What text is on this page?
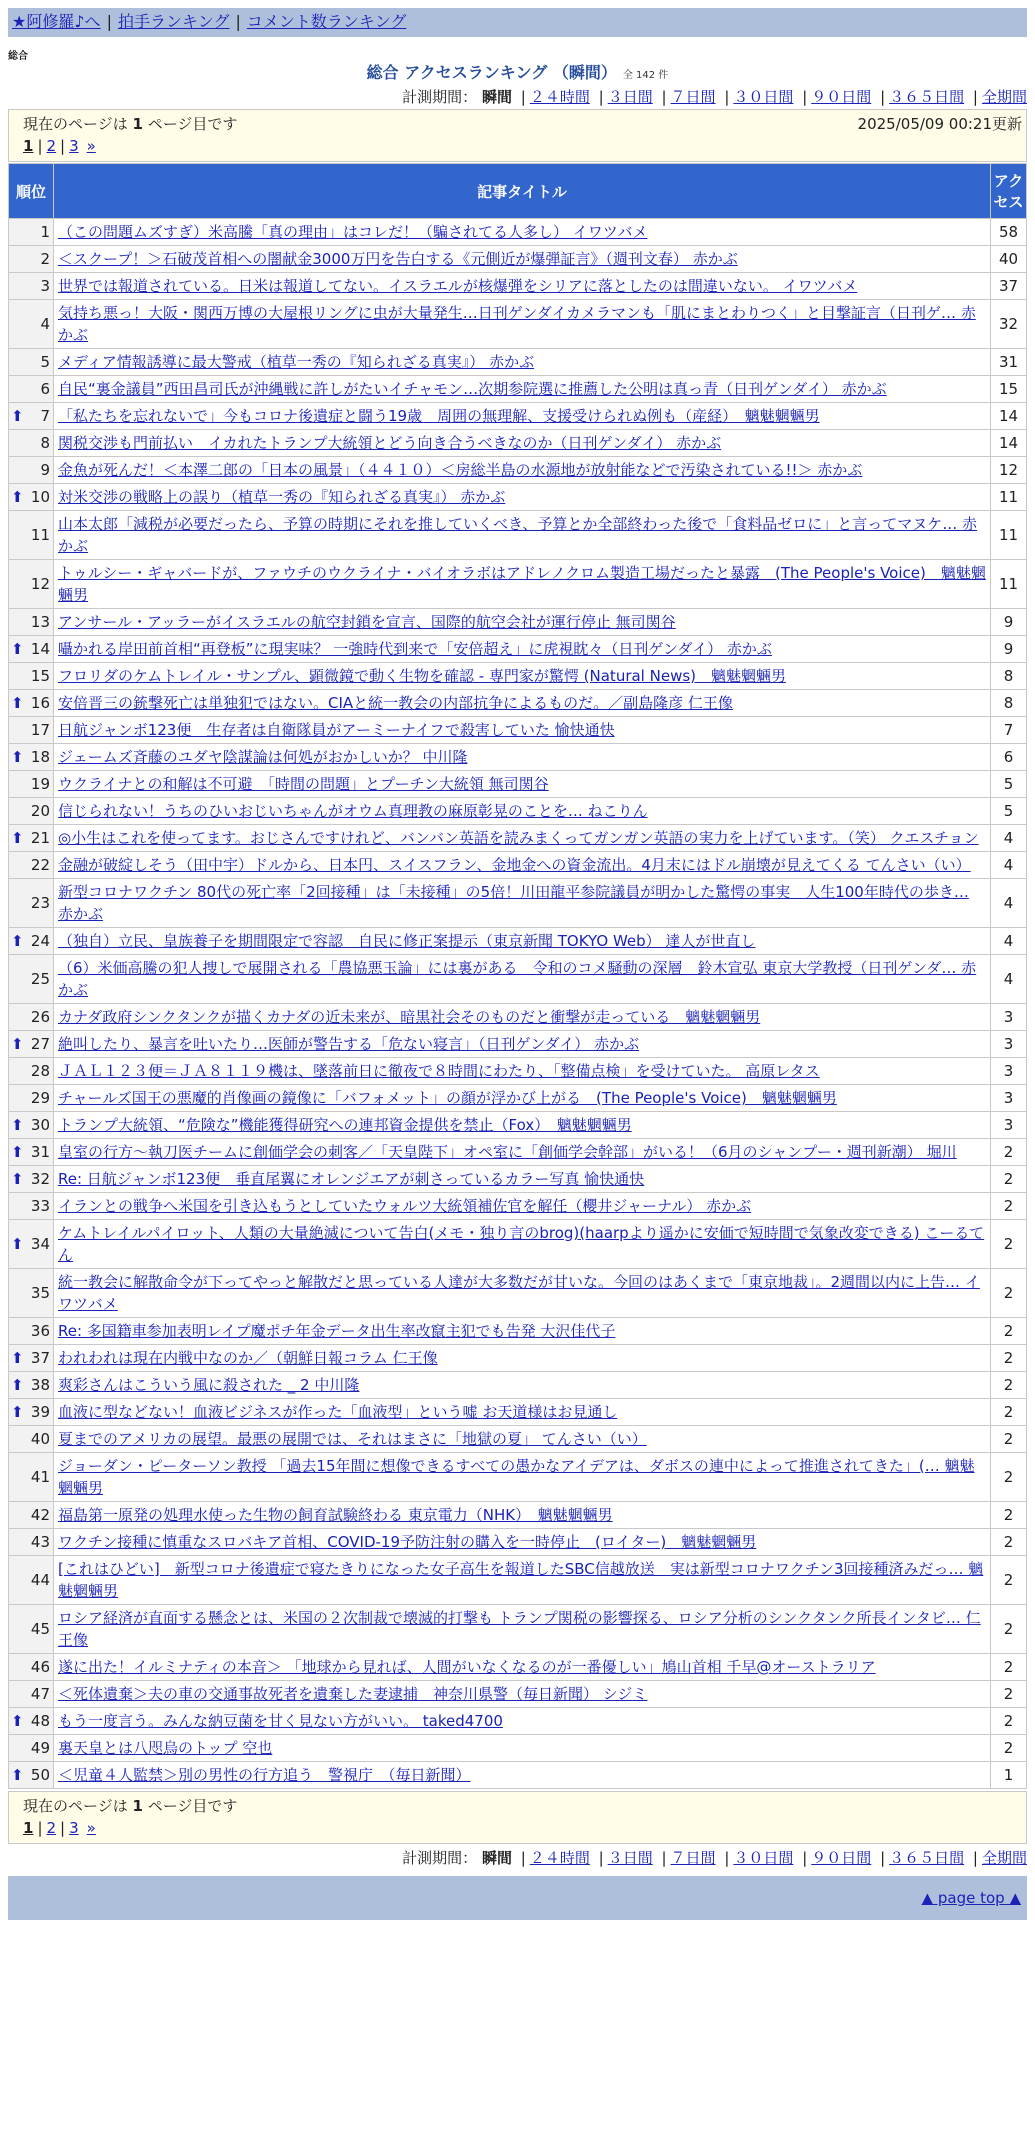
★阿修羅♪へ | 拍手ランキング | コメント数ランキング
総合
総合 アクセスランキング （瞬間） 全 142 件
計測期間： 瞬間 | ２４時間 | ３日間 | ７日間 | ３０日間 | ９０日間 | ３６５日間 | 全期間
現在のページは 1 ページ目です	2025/05/09 00:21更新
1 | 2 | 3 »
順位	記事タイトル	アクセス
1	（この問題ムズすぎ）米高騰「真の理由」はコレだ！（騙されてる人多し） イワツバメ	58
2	＜スクープ！＞石破茂首相への闇献金3000万円を告白する《元側近が爆弾証言》（週刊文春） 赤かぶ	40
3	世界では報道されている。日米は報道してない。イスラエルが核爆弾をシリアに落としたのは間違いない。 イワツバメ	37
4	気持ち悪っ！大阪・関西万博の大屋根リングに虫が大量発生…日刊ゲンダイカメラマンも「肌にまとわりつく」と目撃証言（日刊ゲ… 赤かぶ	32
5	メディア情報誘導に最大警戒（植草一秀の『知られざる真実』） 赤かぶ	31
6	自民“裏金議員”西田昌司氏が沖縄戦に許しがたいイチャモン…次期参院選に推薦した公明は真っ青（日刊ゲンダイ） 赤かぶ	15

⬆ 7	「私たちを忘れないで」今もコロナ後遺症と闘う19歳　周囲の無理解、支援受けられぬ例も（産経）　魑魅魍魎男	14
8	関税交渉も門前払い　イカれたトランプ大統領とどう向き合うべきなのか（日刊ゲンダイ） 赤かぶ	14
9	金魚が死んだ！＜本澤二郎の「日本の風景」（４４１０）＜房総半島の水源地が放射能などで汚染されている!!＞ 赤かぶ	12

⬆ 10	対米交渉の戦略上の誤り（植草一秀の『知られざる真実』） 赤かぶ	11
11	山本太郎「減税が必要だったら、予算の時期にそれを推していくべき、予算とか全部終わった後で「食料品ゼロに」と言ってマヌケ… 赤かぶ	11
12	トゥルシー・ギャバードが、ファウチのウクライナ・バイオラボはアドレノクロム製造工場だったと暴露　(The People's Voice)　魑魅魍魎男	11
13	アンサール・アッラーがイスラエルの航空封鎖を宣言、国際的航空会社が運行停止 無司関谷	9

⬆ 14	囁かれる岸田前首相“再登板”に現実味？ 一強時代到来で「安倍超え」に虎視眈々（日刊ゲンダイ） 赤かぶ	9
15	フロリダのケムトレイル・サンプル、顕微鏡で動く生物を確認 - 専門家が驚愕 (Natural News)　魑魅魍魎男	8

⬆ 16	安倍晋三の銃撃死亡は単独犯ではない。CIAと統一教会の内部抗争によるものだ。／副島隆彦 仁王像	8
17	日航ジャンボ123便　生存者は自衛隊員がアーミーナイフで殺害していた 愉快通快	7

⬆ 18	ジェームズ斉藤のユダヤ陰謀論は何処がおかしいか？ 中川隆	6
19	ウクライナとの和解は不可避　「時間の問題」とプーチン大統領 無司関谷	5
20	信じられない！うちのひいおじいちゃんがオウム真理教の麻原彰晃のことを… ねこりん	5

⬆ 21	◎小生はこれを使ってます。おじさんですけれど、バンバン英語を読みまくってガンガン英語の実力を上げています。（笑） クエスチョン	4
22	金融が破綻しそう（田中宇）ドルから、日本円、スイスフラン、金地金への資金流出。4月末にはドル崩壊が見えてくる てんさい（い）	4
23	新型コロナワクチン 80代の死亡率「2回接種」は「未接種」の5倍！川田龍平参院議員が明かした驚愕の事実　人生100年時代の歩き… 赤かぶ	4

⬆ 24	（独自）立民、皇族養子を期間限定で容認　自民に修正案提示（東京新聞 TOKYO Web） 達人が世直し	4
25	（6）米価高騰の犯人捜しで展開される「農協悪玉論」には裏がある　令和のコメ騒動の深層　鈴木宣弘 東京大学教授（日刊ゲンダ… 赤かぶ	4
26	カナダ政府シンクタンクが描くカナダの近未来が、暗黒社会そのものだと衝撃が走っている　魑魅魍魎男	3

⬆ 27	絶叫したり、暴言を吐いたり…医師が警告する「危ない寝言」（日刊ゲンダイ） 赤かぶ	3
28	ＪＡＬ１２３便＝ＪＡ８１１９機は、墜落前日に徹夜で８時間にわたり、「整備点検」を受けていた。 高原レタス	3
29	チャールズ国王の悪魔的肖像画の鏡像に「バフォメット」の顔が浮かび上がる　(The People's Voice)　魑魅魍魎男	3

⬆ 30	トランプ大統領、“危険な”機能獲得研究への連邦資金提供を禁止（Fox）　魑魅魍魎男	3

⬆ 31	皇室の行方～執刀医チームに創価学会の刺客／「天皇陛下」オペ室に「創価学会幹部」がいる！（6月のシャンプー・週刊新潮） 堀川	2

⬆ 32	Re: 日航ジャンボ123便　垂直尾翼にオレンジエアが刺さっているカラー写真 愉快通快	2
33	イランとの戦争へ米国を引き込もうとしていたウォルツ大統領補佐官を解任（櫻井ジャーナル） 赤かぶ	2

⬆ 34	ケムトレイルパイロット、人類の大量絶滅について告白(メモ・独り言のbrog)(haarpより遥かに安価で短時間で気象改変できる) こーるてん	2
35	統一教会に解散命令が下ってやっと解散だと思っている人達が大多数だが甘いな。今回のはあくまで「東京地裁」。2週間以内に上告… イワツバメ	2
36	Re: 多国籍車参加表明レイプ魔ポチ年金データ出生率改竄主犯でも告発 大沢佳代子	2

⬆ 37	われわれは現在内戦中なのか／（朝鮮日報コラム 仁王像	2

⬆ 38	爽彩さんはこういう風に殺された _ 2 中川隆	2

⬆ 39	血液に型などない！血液ビジネスが作った「血液型」という嘘 お天道様はお見通し	2
40	夏までのアメリカの展望。最悪の展開では、それはまさに「地獄の夏」 てんさい（い）	2
41	ジョーダン・ピーターソン教授 「過去15年間に想像できるすべての愚かなアイデアは、ダボスの連中によって推進されてきた」(… 魑魅魍魎男	2
42	福島第一原発の処理水使った生物の飼育試験終わる 東京電力（NHK）　魑魅魍魎男	2
43	ワクチン接種に慎重なスロバキア首相、COVID-19予防注射の購入を一時停止　(ロイター)　魑魅魍魎男	2
44	[これはひどい]　新型コロナ後遺症で寝たきりになった女子高生を報道したSBC信越放送　実は新型コロナワクチン3回接種済みだっ… 魑魅魍魎男	2
45	ロシア経済が直面する懸念とは、米国の２次制裁で壊滅的打撃も トランプ関税の影響探る、ロシア分析のシンクタンク所長インタビ… 仁王像	2
46	遂に出た！イルミナティの本音＞ 「地球から見れば、人間がいなくなるのが一番優しい」鳩山首相 千早@オーストラリア	2
47	＜死体遺棄＞夫の車の交通事故死者を遺棄した妻逮捕　神奈川県警（毎日新聞） シジミ	2

⬆ 48	もう一度言う。みんな納豆菌を甘く見ない方がいい。 taked4700	2
49	裏天皇とは八咫烏のトップ 空也	2

⬆ 50	＜児童４人監禁＞別の男性の行方追う　警視庁　（毎日新聞）	1
現在のページは 1 ページ目です
1 | 2 | 3 »
計測期間： 瞬間 | ２４時間 | ３日間 | ７日間 | ３０日間 | ９０日間 | ３６５日間 | 全期間
▲ page top ▲
